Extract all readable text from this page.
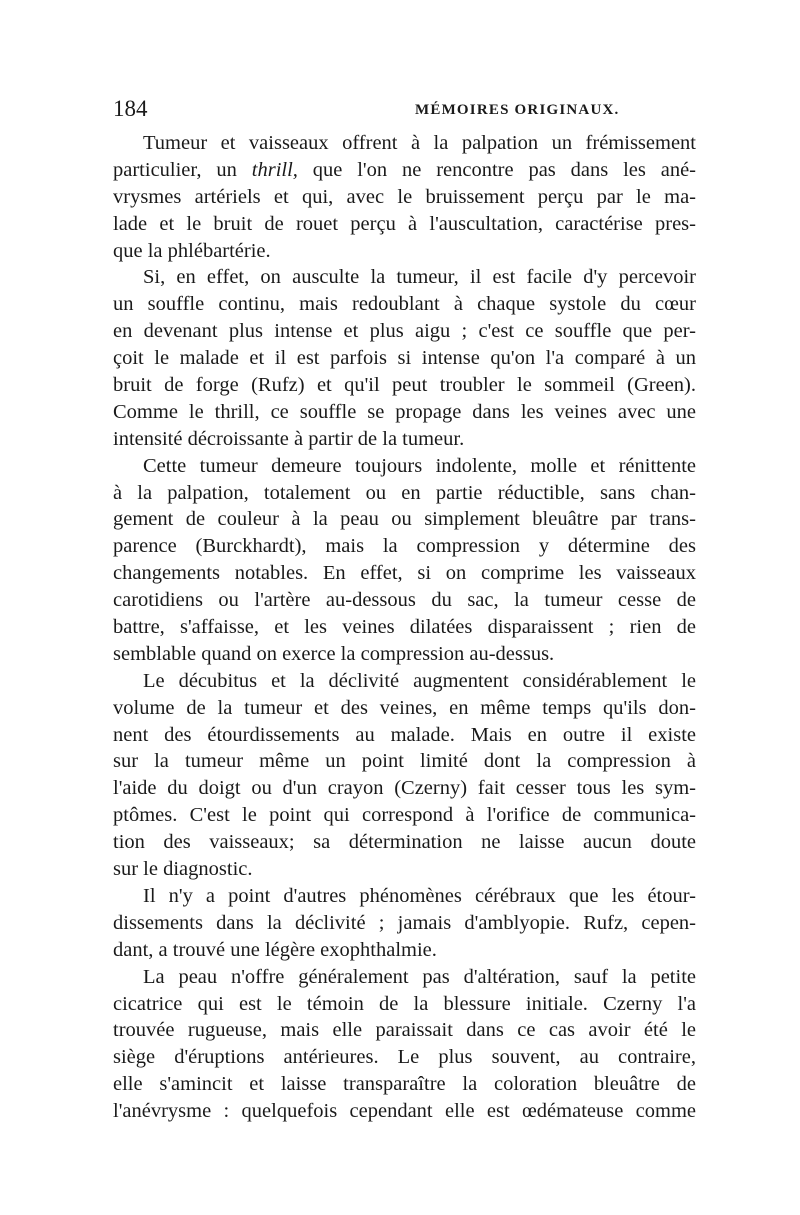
184	MÉMOIRES ORIGINAUX.
Tumeur et vaisseaux offrent à la palpation un frémissement
particulier, un thrill, que l'on ne rencontre pas dans les ané-
vrysmes artériels et qui, avec le bruissement perçu par le ma-
lade et le bruit de rouet perçu à l'auscultation, caractérise pres-
que la phlébartérie.
Si, en effet, on ausculte la tumeur, il est facile d'y percevoir
un souffle continu, mais redoublant à chaque systole du cœur
en devenant plus intense et plus aigu ; c'est ce souffle que per-
çoit le malade et il est parfois si intense qu'on l'a comparé à un
bruit de forge (Rufz) et qu'il peut troubler le sommeil (Green).
Comme le thrill, ce souffle se propage dans les veines avec une
intensité décroissante à partir de la tumeur.
Cette tumeur demeure toujours indolente, molle et rénittente
à la palpation, totalement ou en partie réductible, sans chan-
gement de couleur à la peau ou simplement bleuâtre par trans-
parence (Burckhardt), mais la compression y détermine des
changements notables. En effet, si on comprime les vaisseaux
carotidiens ou l'artère au-dessous du sac, la tumeur cesse de
battre, s'affaisse, et les veines dilatées disparaissent ; rien de
semblable quand on exerce la compression au-dessus.
Le décubitus et la déclivité augmentent considérablement le
volume de la tumeur et des veines, en même temps qu'ils don-
nent des étourdissements au malade. Mais en outre il existe
sur la tumeur même un point limité dont la compression à
l'aide du doigt ou d'un crayon (Czerny) fait cesser tous les sym-
ptômes. C'est le point qui correspond à l'orifice de communica-
tion des vaisseaux; sa détermination ne laisse aucun doute
sur le diagnostic.
Il n'y a point d'autres phénomènes cérébraux que les étour-
dissements dans la déclivité ; jamais d'amblyopie. Rufz, cepen-
dant, a trouvé une légère exophthalmie.
La peau n'offre généralement pas d'altération, sauf la petite
cicatrice qui est le témoin de la blessure initiale. Czerny l'a
trouvée rugueuse, mais elle paraissait dans ce cas avoir été le
siège d'éruptions antérieures. Le plus souvent, au contraire,
elle s'amincit et laisse transparaître la coloration bleuâtre de
l'anévrysme : quelquefois cependant elle est œdémateuse comme
